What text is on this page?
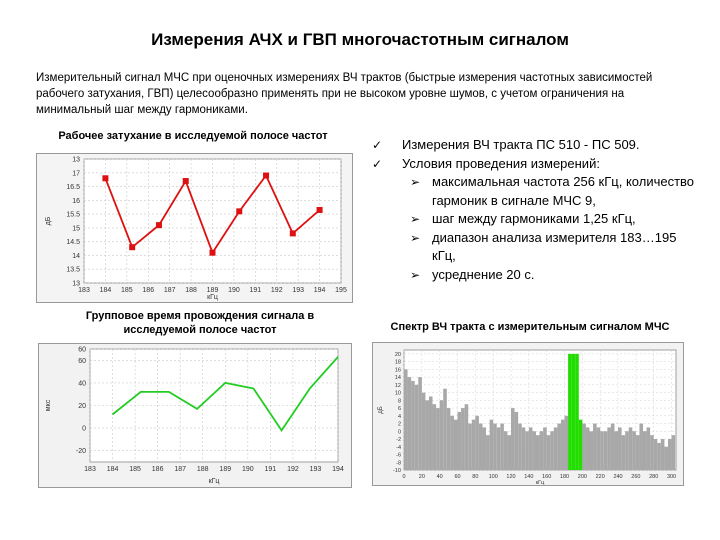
Измерения АЧХ и ГВП многочастотным сигналом
Измерительный сигнал МЧС при оценочных измерениях ВЧ трактов (быстрые измерения частотных зависимостей рабочего затухания, ГВП) целесообразно применять при не высоком уровне шумов, с учетом ограничения на минимальный шаг между гармониками.
Рабочее затухание в исследуемой полосе частот
Групповое время провождения сигнала в исследуемой полосе частот	Спектр ВЧ тракта с измерительным сигналом МЧС
13
17
16.5
16
15.5
15
14.5
14
13.5
13
183 184 185 186 187 188 189 190 191 192 193 194 195
кГц
дБ
60
60
40
20
0
-20
183 184 185 186 187 188 189 190 191 192 193 194
кГц
мкс
20
18
16
14
12
10
8
6
4
2
0
-2
-4
-6
-8
-10
0 20 40 60 80 100 120 140 160 180 200 220 240 260 280 300
кГц
дБ
✓ Измерения ВЧ тракта ПС 510 - ПС 509.
✓ Условия проведения измерений:
➢ максимальная частота 256 кГц, количество гармоник в сигнале МЧС 9,
➢ шаг между гармониками 1,25 кГц,
➢ диапазон анализа измерителя 183…195 кГц,
➢ усреднение 20 с.
